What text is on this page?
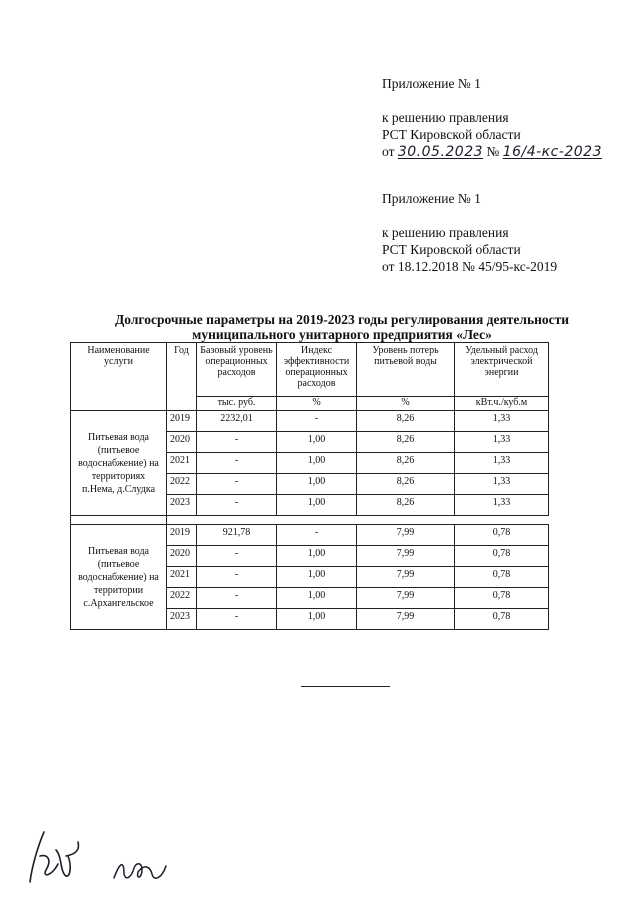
Приложение № 1
к решению правления
РСТ Кировской области
от 30.05.2023 № 16/4-кс-2023
Приложение № 1
к решению правления
РСТ Кировской области
от 18.12.2018 № 45/95-кс-2019
Долгосрочные параметры на 2019-2023 годы регулирования деятельности
муниципального унитарного предприятия «Лес»
Наименование услуги	Год	Базовый уровень операционных расходов	Индекс эффективности операционных расходов	Уровень потерь питьевой воды	Удельный расход электрической энергии
		тыс. руб.	%	%	кВт.ч./куб.м
Питьевая вода (питьевое водоснабжение) на территориях п.Нема, д.Слудка	2019	2232,01	-	8,26	1,33
	2020	-	1,00	8,26	1,33
	2021	-	1,00	8,26	1,33
	2022	-	1,00	8,26	1,33
	2023	-	1,00	8,26	1,33

Питьевая вода (питьевое водоснабжение) на территории с.Архангельское	2019	921,78	-	7,99	0,78
	2020	-	1,00	7,99	0,78
	2021	-	1,00	7,99	0,78
	2022	-	1,00	7,99	0,78
	2023	-	1,00	7,99	0,78
